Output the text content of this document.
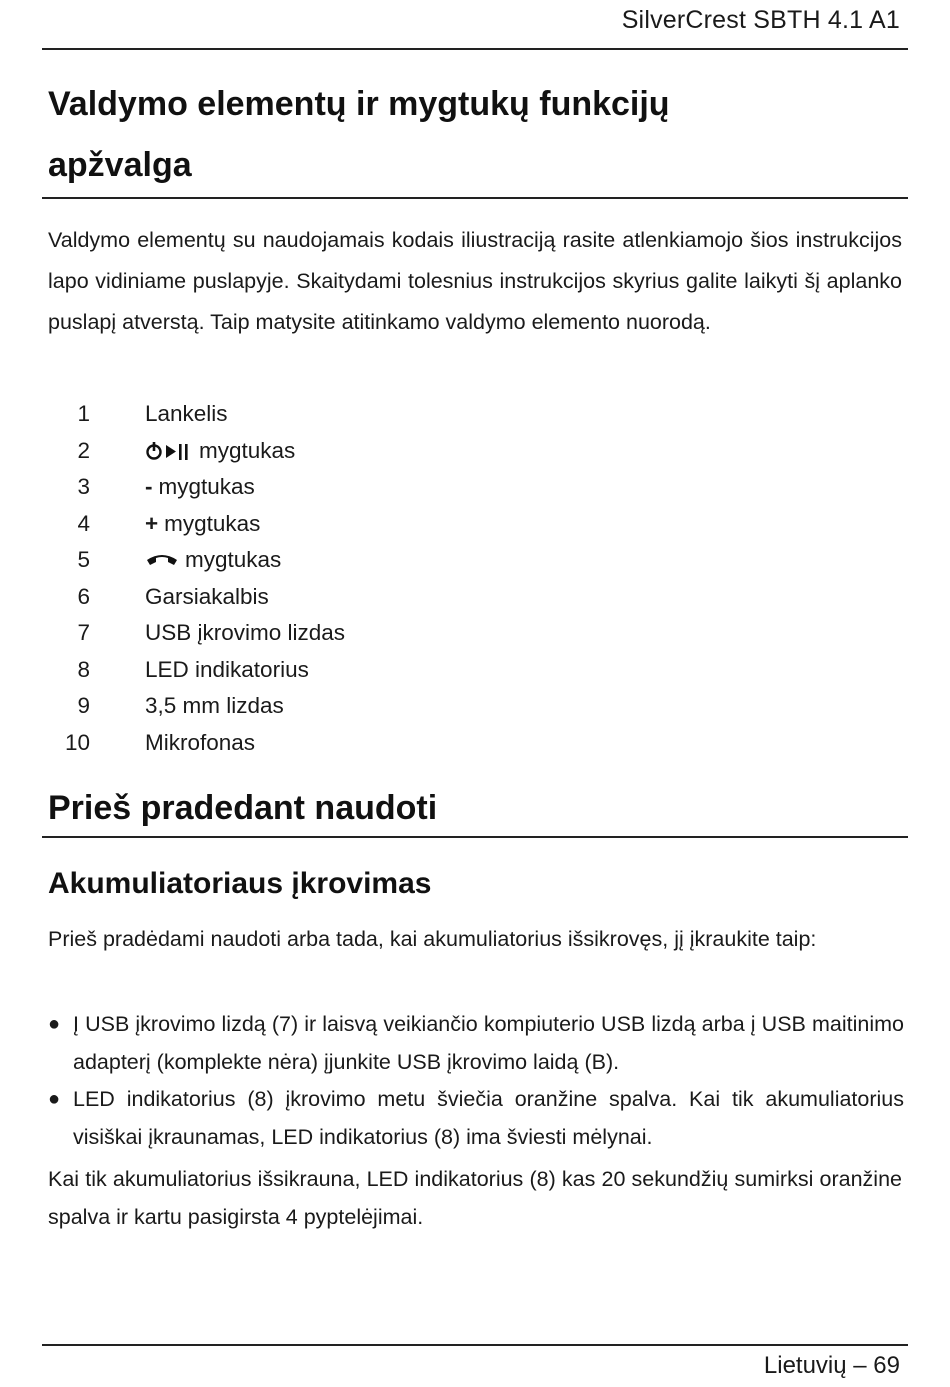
SilverCrest SBTH 4.1 A1
Valdymo elementų ir mygtukų funkcijų
apžvalga

Valdymo elementų su naudojamais kodais iliustraciją rasite atlenkiamojo šios instrukcijos lapo vidiniame puslapyje. Skaitydami tolesnius instrukcijos skyrius galite laikyti šį aplanko puslapį atverstą. Taip matysite atitinkamo valdymo elemento nuorodą.

1 Lankelis
2	mygtukas
3 - mygtukas
4 + mygtukas
5	mygtukas
6 Garsiakalbis
7 USB įkrovimo lizdas
8 LED indikatorius
9 3,5 mm lizdas
10 Mikrofonas
Prieš pradedant naudoti
Akumuliatoriaus įkrovimas

Prieš pradėdami naudoti arba tada, kai akumuliatorius išsikrovęs, jį įkraukite taip:

● Į USB įkrovimo lizdą (7) ir laisvą veikiančio kompiuterio USB lizdą arba į USB maitinimo adapterį (komplekte nėra) įjunkite USB įkrovimo laidą (B).
● LED indikatorius (8) įkrovimo metu šviečia oranžine spalva. Kai tik akumuliatorius visiškai įkraunamas, LED indikatorius (8) ima šviesti mėlynai.

Kai tik akumuliatorius išsikrauna, LED indikatorius (8) kas 20 sekundžių sumirksi oranžine spalva ir kartu pasigirsta 4 pyptelėjimai.

Lietuvių – 69
